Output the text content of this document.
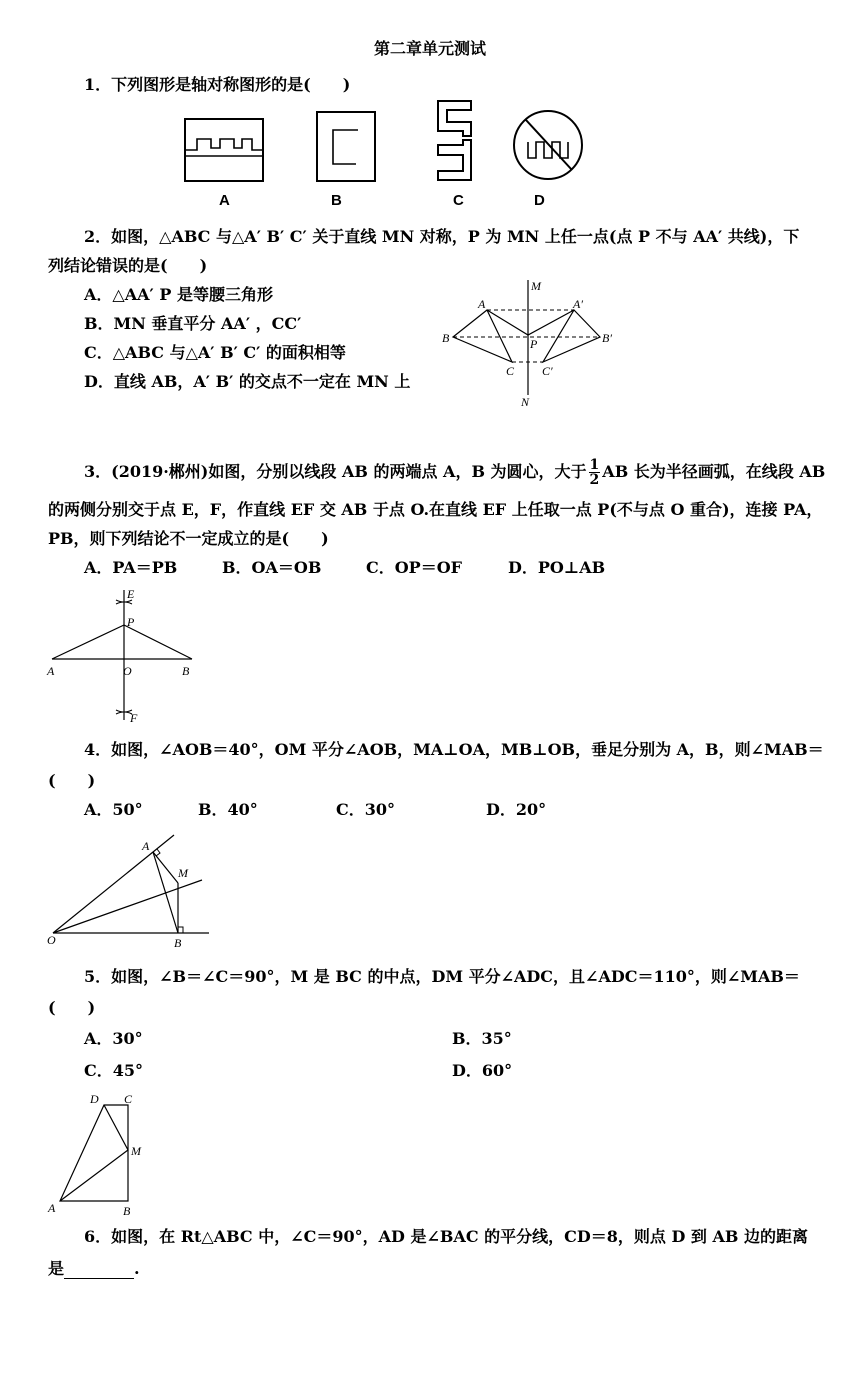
第二章单元测试
1．下列图形是轴对称图形的是(　　)
A	B	C	D
2．如图，△ABC 与△A′ B′ C′ 关于直线 MN 对称，P 为 MN 上任一点(点 P 不与 AA′ 共线)，下
列结论错误的是(　　)
A．△AA′ P 是等腰三角形
B．MN 垂直平分 AA′ ，CC′
C．△ABC 与△A′ B′ C′ 的面积相等
D．直线 AB，A′ B′ 的交点不一定在 MN 上
M
N
A	A′
B	B′
C C′
P
3．(2019·郴州)如图，分别以线段 AB 的两端点 A，B 为圆心，大于 $\frac{1}{2}$ AB 长为半径画弧，在线段 AB
的两侧分别交于点 E，F，作直线 EF 交 AB 于点 O.在直线 EF 上任取一点 P(不与点 O 重合)，连接 PA，
PB，则下列结论不一定成立的是(　　)
A．PA＝PB	B．OA＝OB	C．OP＝OF	D．PO⊥AB
E
P
A	O	B
F
4．如图，∠AOB＝40°，OM 平分∠AOB，MA⊥OA，MB⊥OB，垂足分别为 A，B，则∠MAB＝
(　　)
A．50°	B．40°	C．30°	D．20°
A
M
O	B
5．如图，∠B＝∠C＝90°，M 是 BC 的中点，DM 平分∠ADC，且∠ADC＝110°，则∠MAB＝
(　　)
A．30°	B．35°
C．45°	D．60°
D C
M
A	B
6．如图，在 Rt△ABC 中，∠C＝90°，AD 是∠BAC 的平分线，CD＝8，则点 D 到 AB 边的距离
是	.
